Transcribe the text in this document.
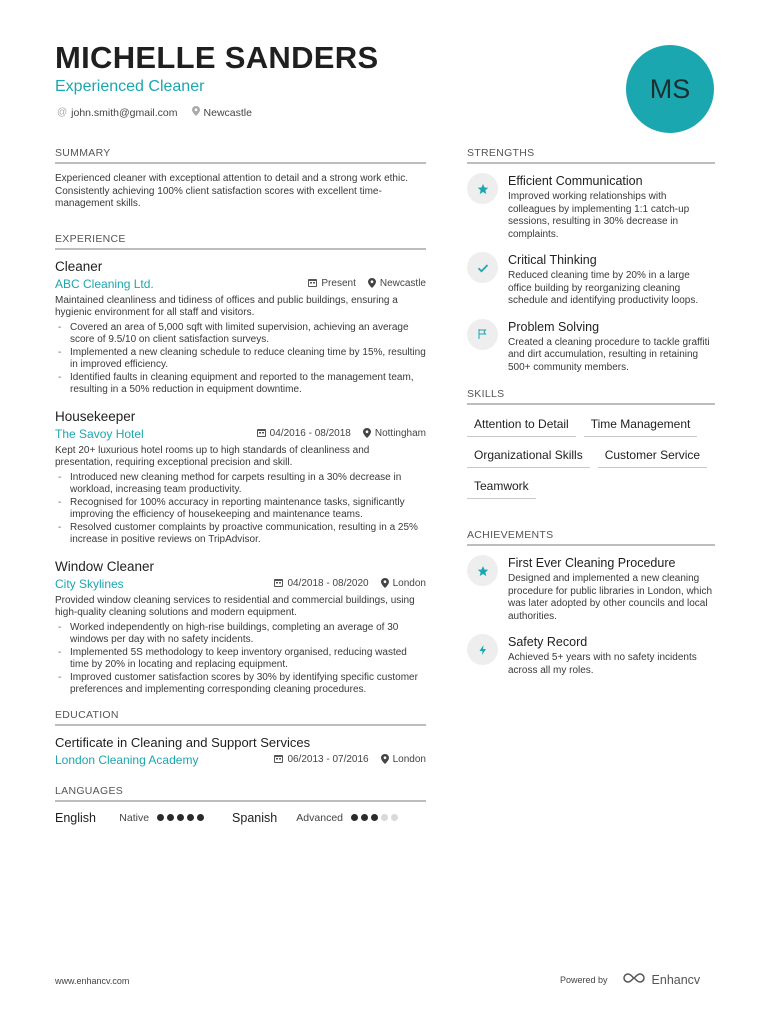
MICHELLE SANDERS
Experienced Cleaner
@ john.smith@gmail.com Newcastle
MS
SUMMARY
Experienced cleaner with exceptional attention to detail and a strong work ethic. Consistently achieving 100% client satisfaction scores with excellent time-management skills.
EXPERIENCE
Cleaner
ABC Cleaning Ltd.	Present Newcastle
Maintained cleanliness and tidiness of offices and public buildings, ensuring a hygienic environment for all staff and visitors.
- Covered an area of 5,000 sqft with limited supervision, achieving an average score of 9.5/10 on client satisfaction surveys.
- Implemented a new cleaning schedule to reduce cleaning time by 15%, resulting in improved efficiency.
- Identified faults in cleaning equipment and reported to the management team, resulting in a 50% reduction in equipment downtime.
Housekeeper
The Savoy Hotel	04/2016 - 08/2018 Nottingham
Kept 20+ luxurious hotel rooms up to high standards of cleanliness and presentation, requiring exceptional precision and skill.
- Introduced new cleaning method for carpets resulting in a 30% decrease in workload, increasing team productivity.
- Recognised for 100% accuracy in reporting maintenance tasks, significantly improving the efficiency of housekeeping and maintenance teams.
- Resolved customer complaints by proactive communication, resulting in a 25% increase in positive reviews on TripAdvisor.
Window Cleaner
City Skylines	04/2018 - 08/2020 London
Provided window cleaning services to residential and commercial buildings, using high-quality cleaning solutions and modern equipment.
- Worked independently on high-rise buildings, completing an average of 30 windows per day with no safety incidents.
- Implemented 5S methodology to keep inventory organised, reducing wasted time by 20% in locating and replacing equipment.
- Improved customer satisfaction scores by 30% by identifying specific customer preferences and implementing corresponding cleaning procedures.
EDUCATION
Certificate in Cleaning and Support Services
London Cleaning Academy	06/2013 - 07/2016 London
LANGUAGES
English	Native	Spanish	Advanced
STRENGTHS
Efficient Communication
Improved working relationships with colleagues by implementing 1:1 catch-up sessions, resulting in 30% decrease in complaints.
Critical Thinking
Reduced cleaning time by 20% in a large office building by reorganizing cleaning schedule and identifying productivity loops.
Problem Solving
Created a cleaning procedure to tackle graffiti and dirt accumulation, resulting in retaining 500+ community members.
SKILLS
Attention to Detail	Time Management
Organizational Skills	Customer Service
Teamwork
ACHIEVEMENTS
First Ever Cleaning Procedure
Designed and implemented a new cleaning procedure for public libraries in London, which was later adopted by other councils and local authorities.
Safety Record
Achieved 5+ years with no safety incidents across all my roles.
www.enhancv.com	Powered by	Enhancv
